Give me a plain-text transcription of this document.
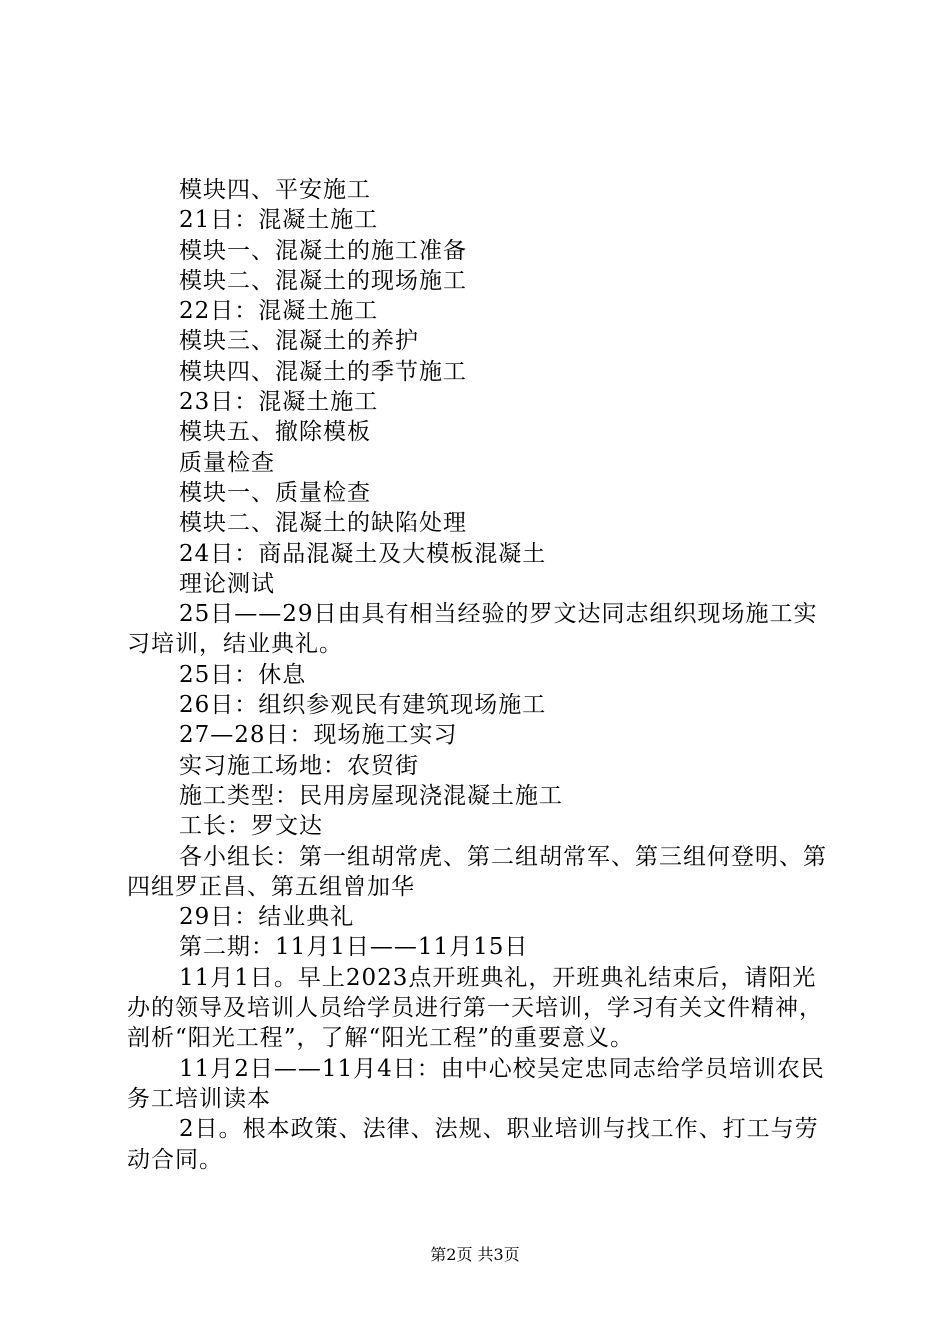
模块四、平安施工

21日：混凝土施工

模块一、混凝土的施工准备

模块二、混凝土的现场施工

22日：混凝土施工

模块三、混凝土的养护

模块四、混凝土的季节施工

23日：混凝土施工

模块五、撤除模板

质量检查

模块一、质量检查

模块二、混凝土的缺陷处理

24日：商品混凝土及大模板混凝土

理论测试

25日——29日由具有相当经验的罗文达同志组织现场施工实习培训，结业典礼。

25日：休息

26日：组织参观民有建筑现场施工

27—28日：现场施工实习

实习施工场地：农贸街

施工类型：民用房屋现浇混凝土施工

工长：罗文达

各小组长：第一组胡常虎、第二组胡常军、第三组何登明、第四组罗正昌、第五组曾加华

29日：结业典礼

第二期：11月1日——11月15日

11月1日。早上2023点开班典礼，开班典礼结束后，请阳光办的领导及培训人员给学员进行第一天培训，学习有关文件精神，剖析“阳光工程”，了解“阳光工程”的重要意义。

11月2日——11月4日：由中心校吴定忠同志给学员培训农民务工培训读本

2日。根本政策、法律、法规、职业培训与找工作、打工与劳动合同。

第2页 共3页
